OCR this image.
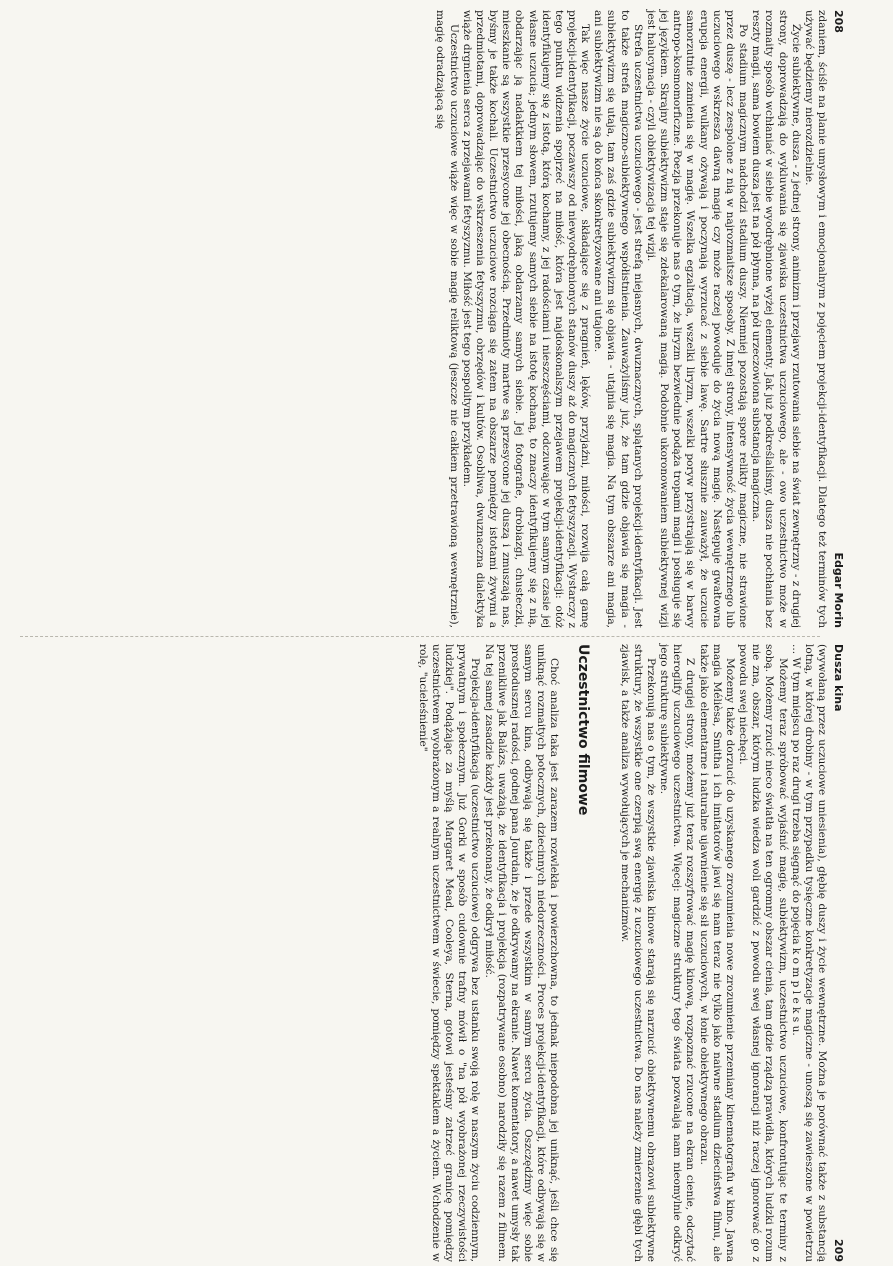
208
Edgar Morin

zdaniem, ściśle na planie umysłowym i emocjonalnym z pojęciem projekcji-identyfikacji. Dlatego też terminów tych używać będziemy nierozdzielnie.

Życie subiektywne, dusza - z jednej strony, animizm i przejawy rzutowania siebie na świat zewnętrzny - z drugiej strony, doprowadzają do wykluwania się zjawiska uczestnictwa uczuciowego, ale - owo uczestnictwo może w rozmaity sposób wchłaniać w siebie wyodrębnione wyżej elementy. Jak już podkreślaliśmy, dusza nie pochłania bez reszty magii, sama bowiem dusza jest na pół płynna, na pół urzeczowiona substancja magiczna.

Po stadium magicznym nadchodzi stadium duszy. Niemniej pozostają spore relikty magiczne, nie strawione przez duszę - lecz zespolone z nią w najrozmaitsze sposoby. Z innej strony, intensywność życia wewnętrznego lub uczuciowego wskrzesza dawną magię czy może raczej powoduje do życia nową magię. Następuje gwałtowna erupcja energii, wulkany ożywają i poczynają wyrzucać z siebie lawę. Sartre słusznie zauważył, że uczucie samorzutnie zamienia się w magię. Wszelka egzaltacja, wszelki liryzm, wszelki poryw przystrajają się w barwy antropo-kosmomorficzne. Poezja przekonuje nas o tym, że liryzm bezwiednie podąża tropami magii i posługuje się jej językiem. Skrajny subiektywizm staje się zdekalarowaną magią. Podobnie ukoronowaniem subiektywnej wizji jest halucynacja - czyli obiektywizacja tej wizji.

Strefa uczestnictwa uczuciowego - jest strefą niejasnych, dwuznacznych, splątanych projekcji-identyfikacji. Jest to także strefa magiczno-subiektywnego współistnienia. Zauważyliśmy już, że tam gdzie objawia się magia - subiektywizm się utaja, tam zaś gdzie subiektywizm się objawia - utajnia się magia. Na tym obszarze ani magia, ani subiektywizm nie są do końca skonkretyzowane ani utajone.

Tak więc nasze życie uczuciowe, składające się z pragnień, lęków, przyjaźni, miłości, rozwija całą gamę projekcji-identyfikacji, poczawszy od niewyodrębnionych stanów duszy aż do magicznych fetyszyzacji. Wystarczy z tego punktu widzenia spojrzeć na miłość, która jest najdoskonalszym przejawem projekcji-identyfikacji: otóż identyfikujemy się z istotą, którą kochamy, z jej radościami i nieszczęściami, odczuwając w tym samym czasie jej własne uczucia; jednym słowem, rzutujemy samych siebie na istotę kochaną, to znaczy identyfikujemy się z nią, obdarzając ją nadaktkiem tej miłości, jaką obdarzamy samych siebie. Jej fotografie, drobiazgi, chusteczki, mieszkanie są wszystkie przesycone jej obecnością. Przedmioty martwe są przesycone jej duszą i zmuszają nas, byśmy je także kochali. Uczestnictwo uczuciowe rozciąga się zatem na obszarze pomiędzy istotami żywymi a przedmiotami, doprowadzając do wskrzeszenia fetyszyzmu, obrzędów i kultów. Osobliwa, dwuznaczna dialektyka wiąże drgnienia serca z przejawami fetyszyzmu. Miłość jest tego pospolitym przykładem.

Uczestnictwo uczuciowe wiąże więc w sobie magię reliktową (jeszcze nie całkiem przetrawioną wewnętrznie), magię odradzającą się

Dusza kina
209

(wywołaną przez uczuciowe uniesienia), głębię duszy i życie wewnętrzne. Można je porównać także z substancją lotną, w której drobiny - w tym przypadku tysięczne konkretyzacje magiczne - unoszą się zawieszone w powietrzu ... W tym miejscu po raz drugi trzeba sięgnąć do pojęcia k o m p l e k s u.

Możemy teraz spróbować wyjaśnić magię, subiektywizm, uczestnictwo uczuciowe, konfrontując te terminy z sobą. Możemy rzucić nieco światła na ten ogromny obszar cienia, tam gdzie rządzą prawidła, których ludzki rozum nie zna, obszar, którym ludzka wiedza woli gardzić z powodu swej własnej ignorancji niż raczej ignorować go z powodu swej niechęci.

Możemy także dorzucić do uzyskanego zrozumienia nowe zrozumienie przemiany kinematografu w kino. Jawna magia Mélièsa, Smitha i ich imitatorów jawi się nam teraz nie tylko jako naiwne stadium dzieciństwa filmu, ale także jako elementarne i naturalne ujawnienie się sił uczuciowych, w łonie obiektywnego obrazu.

Z drugiej strony, możemy już teraz rozszyfrować magię kinową, rozpoznać rzucone na ekran cienie, odczytać hieroglify uczuciowego uczestnictwa. Więcej: magiczne struktury tego świata pozwalają nam nieomylnie odkryć jego strukturę subiektywne.

Przekonują nas o tym, że wszystkie zjawiska kinowe starają się narzucić obiektywnemu obrazowi subiektywne struktury, że wszystkie one czerpią swą energię z uczuciowego uczestnictwa. Do nas należy zmierzenie głębi tych zjawisk, a także analiza wywołujących je mechanizmów.

Uczestnictwo filmowe

Choć analiza taka jest zarazem rozwlekła i powierzchowna, to jednak niepodobna jej uniknąć, jeśli chce się uniknąć rozmaitych potocznych, dziecinnych niedorzeczności. Proces projekcji-identyfikacji, które odbywają się w samym sercu kina, odbywają się także i przede wszystkim w samym sercu życia. Oszczędźmy więc sobie prostodusznej radości, godnej pana Jourdain, że je odkrywamy na ekranie. Nawet komentatory, a nawet umysły tak przenikliwe jak Balázs, uważają, że identyfikacja i projekcja (rozpatrywane osobno) narodziły się razem z filmem. Na tej samej zasadzie każdy jest przekonany, że odkrył miłość.

Projekcja-identyfikacja (uczestnictwo uczuciowe) odgrywa bez ustanku swoją rolę w naszym życiu codziennym, prywatnym i społecznym. Już Gorki w sposób cudownie trafny mówił o "na pół wyobrażonej rzeczywistości ludzkiej". Podążając za myślą Margaret Mead, Cooleya, Sterna, gotowi jesteśmy zatrzeć granicę pomiędzy uczestnictwem wyobrażonym a realnym uczestnictwem w świecie, pomiędzy spektaklem a życiem. Wchodzenie w rolę, "ucieleśnienie"
